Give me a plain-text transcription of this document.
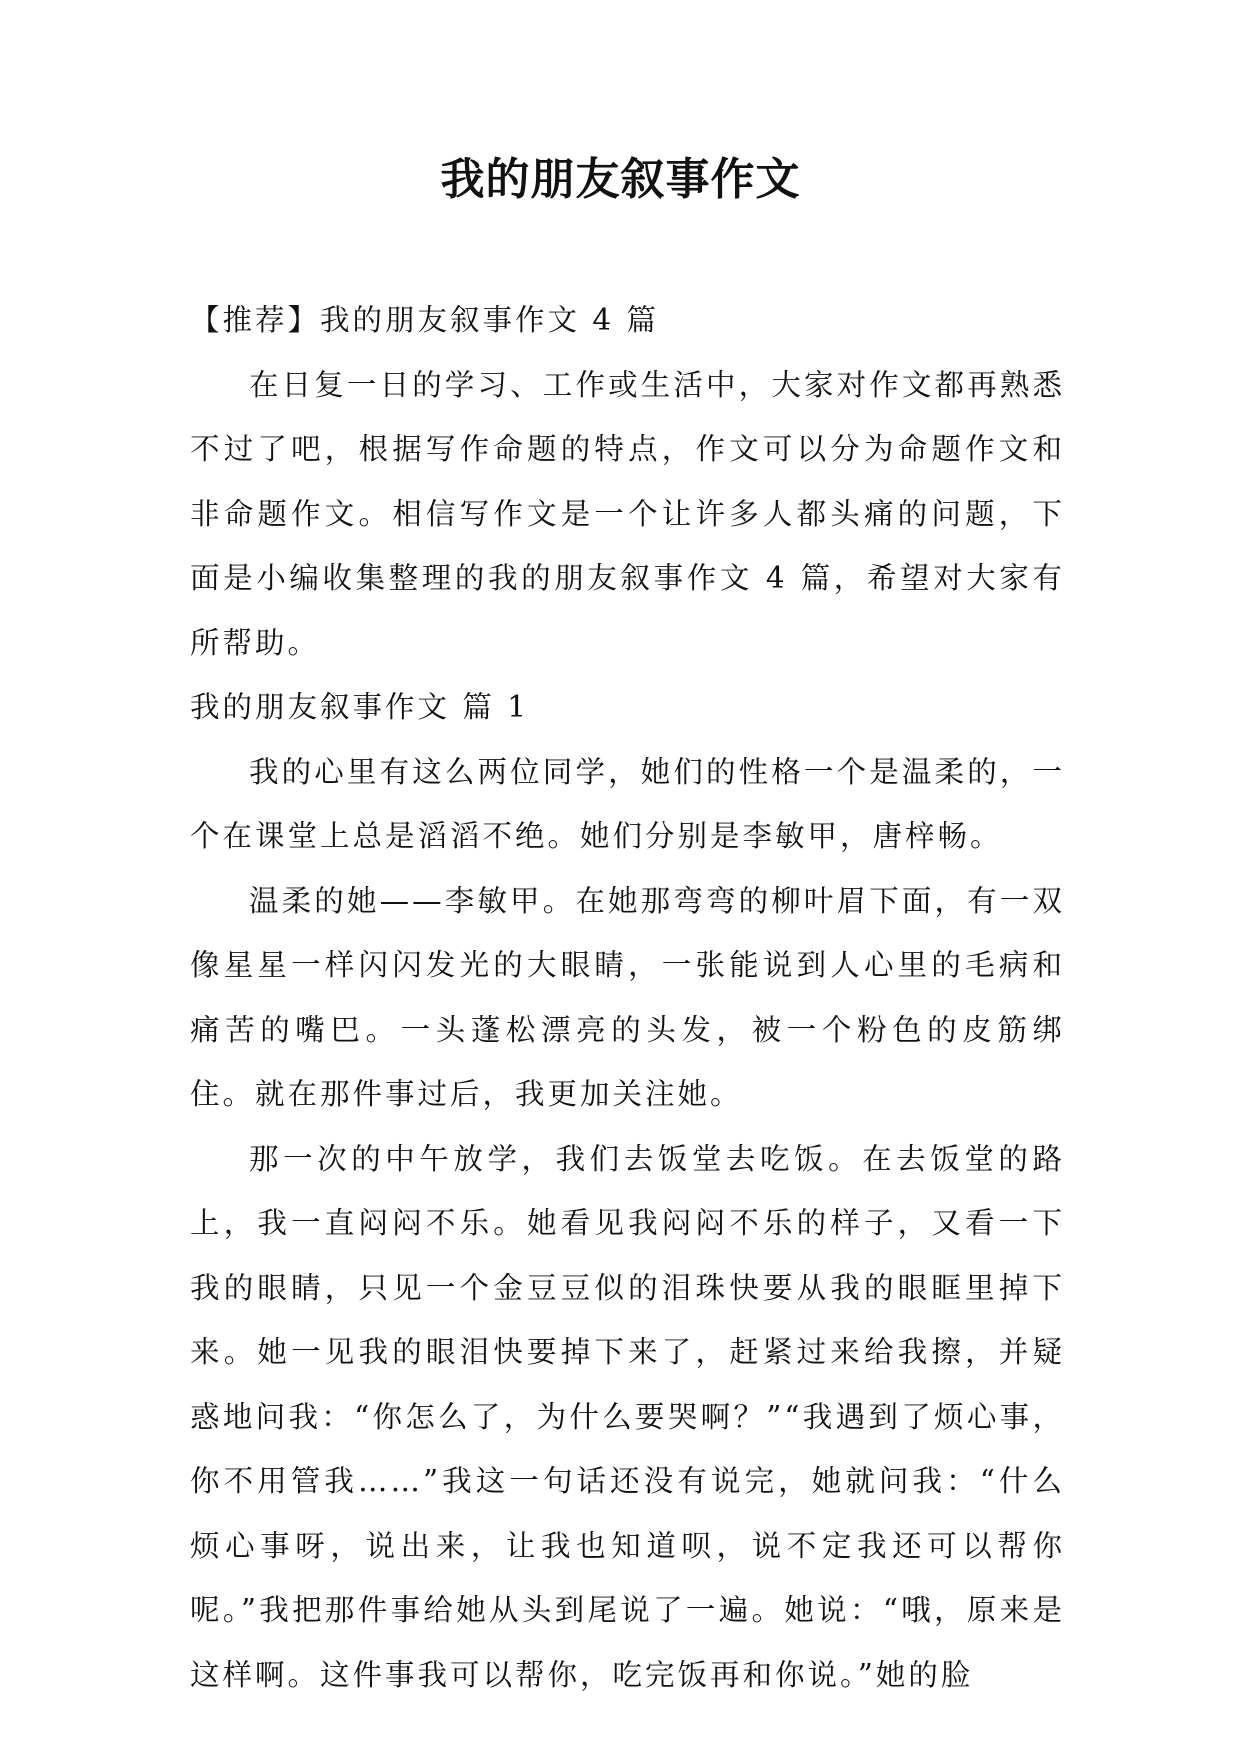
我的朋友叙事作文

【推荐】我的朋友叙事作文 4 篇

在日复一日的学习、工作或生活中，大家对作文都再熟悉不过了吧，根据写作命题的特点，作文可以分为命题作文和非命题作文。相信写作文是一个让许多人都头痛的问题，下面是小编收集整理的我的朋友叙事作文 4 篇，希望对大家有所帮助。

我的朋友叙事作文 篇 1

我的心里有这么两位同学，她们的性格一个是温柔的，一个在课堂上总是滔滔不绝。她们分别是李敏甲，唐梓畅。

温柔的她——李敏甲。在她那弯弯的柳叶眉下面，有一双像星星一样闪闪发光的大眼睛，一张能说到人心里的毛病和痛苦的嘴巴。一头蓬松漂亮的头发，被一个粉色的皮筋绑住。就在那件事过后，我更加关注她。

那一次的中午放学，我们去饭堂去吃饭。在去饭堂的路上，我一直闷闷不乐。她看见我闷闷不乐的样子，又看一下我的眼睛，只见一个金豆豆似的泪珠快要从我的眼眶里掉下来。她一见我的眼泪快要掉下来了，赶紧过来给我擦，并疑惑地问我：“你怎么了，为什么要哭啊？”“我遇到了烦心事，你不用管我……”我这一句话还没有说完，她就问我：“什么烦心事呀，说出来，让我也知道呗，说不定我还可以帮你呢。”我把那件事给她从头到尾说了一遍。她说：“哦，原来是这样啊。这件事我可以帮你，吃完饭再和你说。”她的脸
